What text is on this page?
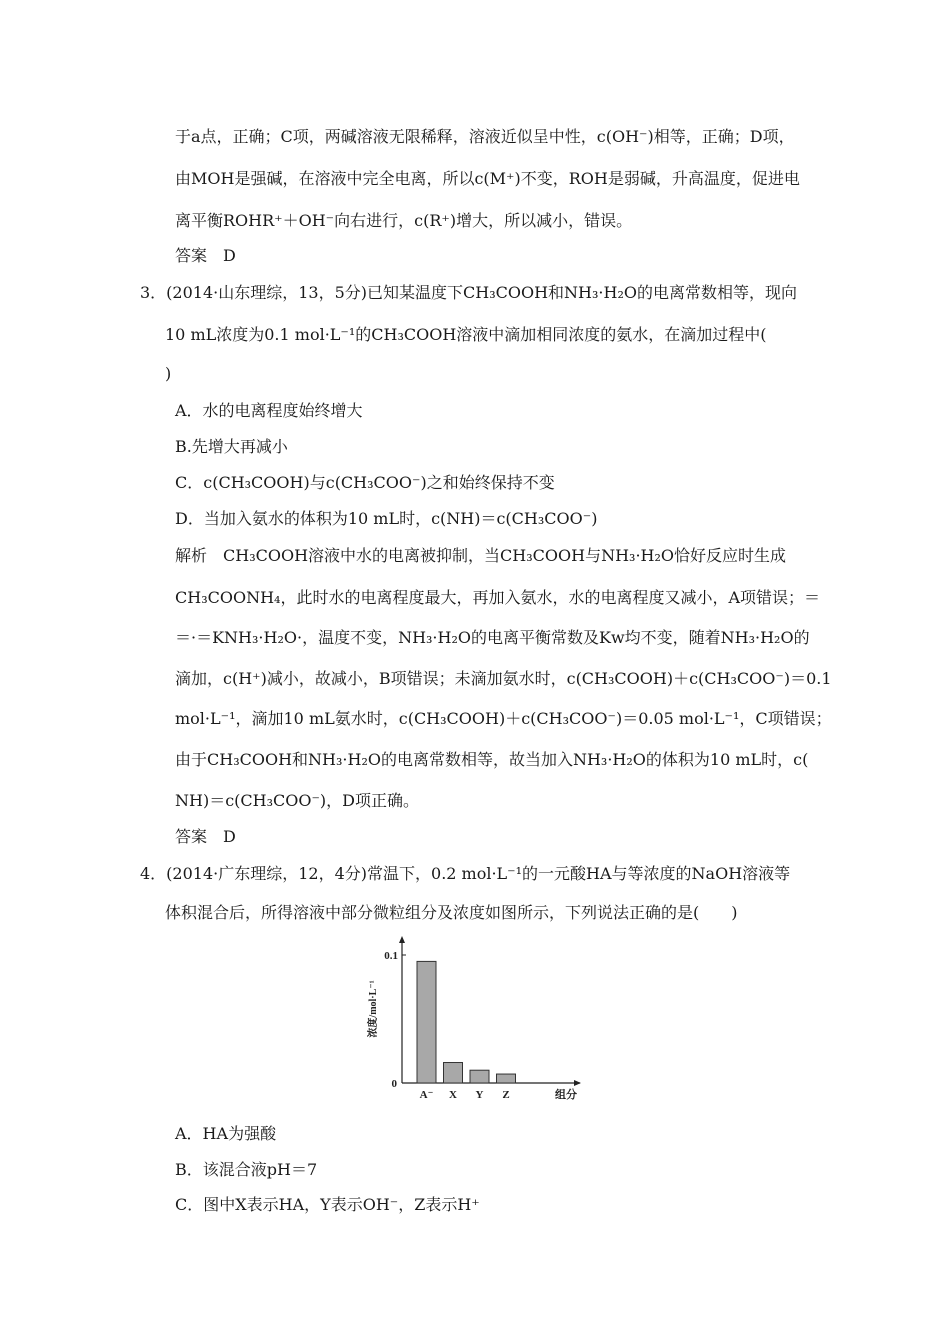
于a点，正确；C项，两碱溶液无限稀释，溶液近似呈中性，c(OH⁻)相等，正确；D项，
由MOH是强碱，在溶液中完全电离，所以c(M⁺)不变，ROH是弱碱，升高温度，促进电
离平衡ROHR⁺＋OH⁻向右进行，c(R⁺)增大，所以减小，错误。
答案　D
3．(2014·山东理综，13，5分)已知某温度下CH₃COOH和NH₃·H₂O的电离常数相等，现向
10 mL浓度为0.1 mol·L⁻¹的CH₃COOH溶液中滴加相同浓度的氨水，在滴加过程中(
)
A．水的电离程度始终增大
B.先增大再减小
C．c(CH₃COOH)与c(CH₃COO⁻)之和始终保持不变
D．当加入氨水的体积为10 mL时，c(NH)＝c(CH₃COO⁻)
解析　CH₃COOH溶液中水的电离被抑制，当CH₃COOH与NH₃·H₂O恰好反应时生成
CH₃COONH₄，此时水的电离程度最大，再加入氨水，水的电离程度又减小，A项错误；＝
＝·＝KNH₃·H₂O·，温度不变，NH₃·H₂O的电离平衡常数及Kw均不变，随着NH₃·H₂O的
滴加，c(H⁺)减小，故减小，B项错误；未滴加氨水时，c(CH₃COOH)＋c(CH₃COO⁻)＝0.1
mol·L⁻¹，滴加10 mL氨水时，c(CH₃COOH)＋c(CH₃COO⁻)＝0.05 mol·L⁻¹，C项错误；
由于CH₃COOH和NH₃·H₂O的电离常数相等，故当加入NH₃·H₂O的体积为10 mL时，c(
NH)＝c(CH₃COO⁻)，D项正确。
答案　D
4．(2014·广东理综，12，4分)常温下，0.2 mol·L⁻¹的一元酸HA与等浓度的NaOH溶液等
体积混合后，所得溶液中部分微粒组分及浓度如图所示，下列说法正确的是(　　)
0
0.1
A⁻ X Y Z	组分
浓度/mol·L⁻¹
A．HA为强酸
B．该混合液pH＝7
C．图中X表示HA，Y表示OH⁻，Z表示H⁺
